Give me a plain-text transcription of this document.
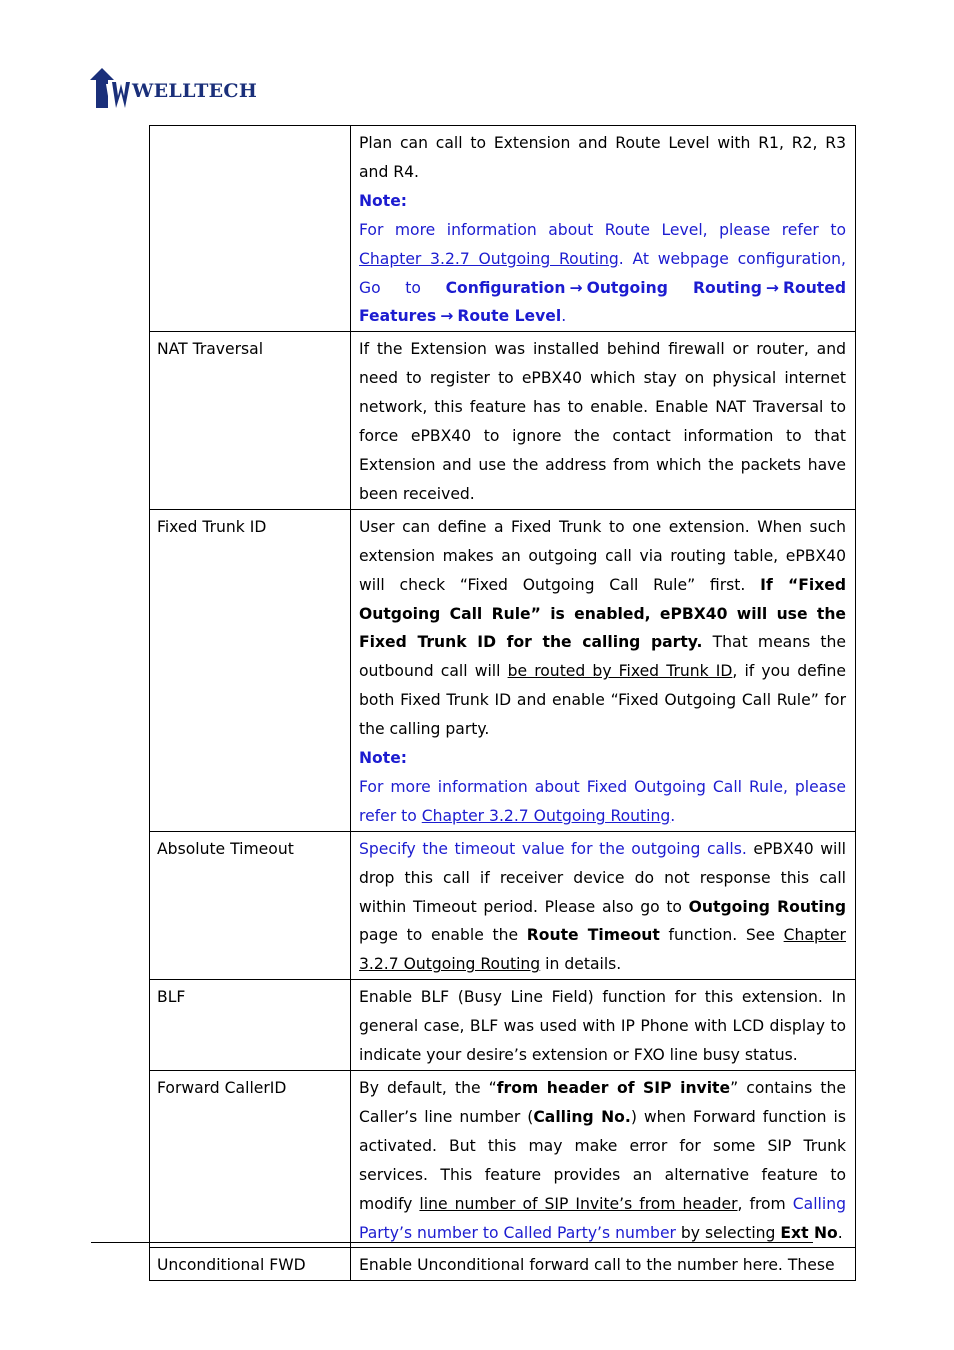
WELLTECH

	Plan can call to Extension and Route Level with R1, R2, R3 and R4.

Note:

For more information about Route Level, please refer to Chapter 3.2.7 Outgoing Routing. At webpage configuration, Go to Configuration → Outgoing Routing → Routed Features → Route Level.

NAT Traversal	If the Extension was installed behind firewall or router, and need to register to ePBX40 which stay on physical internet network, this feature has to enable. Enable NAT Traversal to force ePBX40 to ignore the contact information to that Extension and use the address from which the packets have been received.

Fixed Trunk ID	User can define a Fixed Trunk to one extension. When such extension makes an outgoing call via routing table, ePBX40 will check “Fixed Outgoing Call Rule” first. If “Fixed Outgoing Call Rule” is enabled, ePBX40 will use the Fixed Trunk ID for the calling party. That means the outbound call will be routed by Fixed Trunk ID, if you define both Fixed Trunk ID and enable “Fixed Outgoing Call Rule” for the calling party.

Note:

For more information about Fixed Outgoing Call Rule, please refer to Chapter 3.2.7 Outgoing Routing.

Absolute Timeout	Specify the timeout value for the outgoing calls. ePBX40 will drop this call if receiver device do not response this call within Timeout period. Please also go to Outgoing Routing page to enable the Route Timeout function. See Chapter 3.2.7 Outgoing Routing in details.

BLF	Enable BLF (Busy Line Field) function for this extension. In general case, BLF was used with IP Phone with LCD display to indicate your desire’s extension or FXO line busy status.

Forward CallerID	By default, the “from header of SIP invite” contains the Caller’s line number (Calling No.) when Forward function is activated. But this may make error for some SIP Trunk services. This feature provides an alternative feature to modify line number of SIP Invite’s from header, from Calling Party’s number to Called Party’s number by selecting Ext No.

Unconditional FWD	Enable Unconditional forward call to the number here. These
